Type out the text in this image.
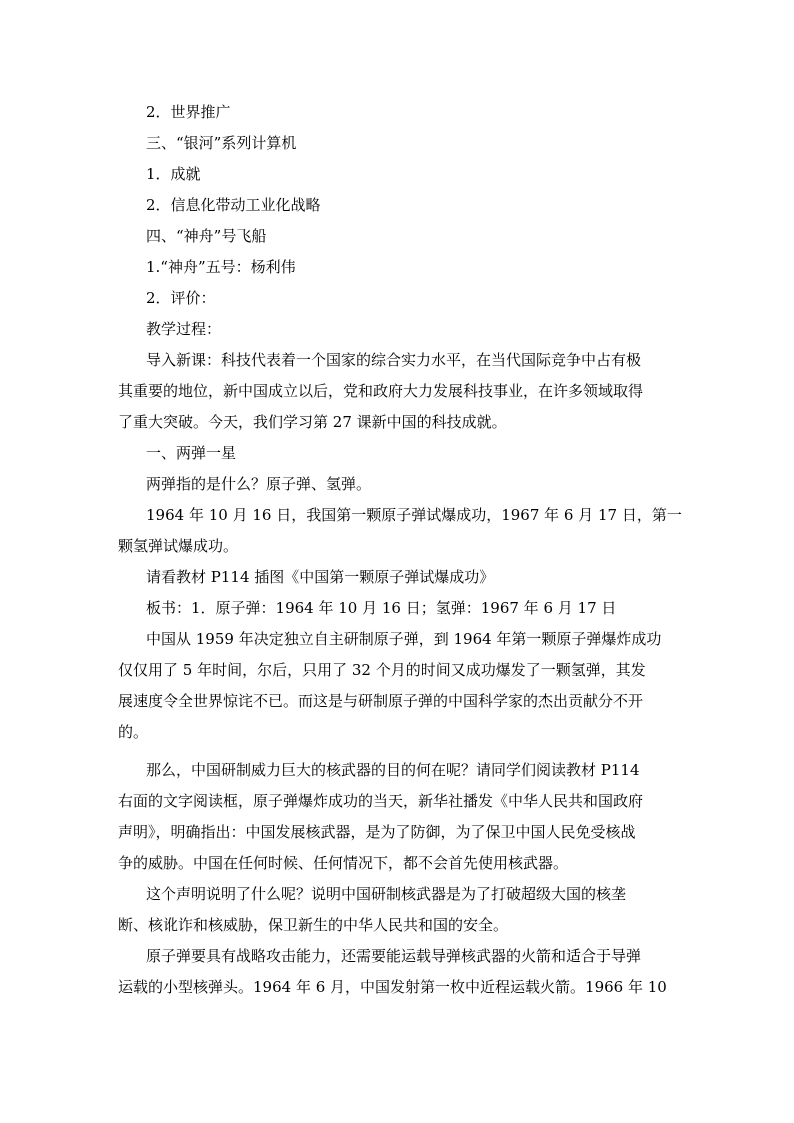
2．世界推广
三、“银河”系列计算机
1．成就
2．信息化带动工业化战略
四、“神舟”号飞船
1.“神舟”五号：杨利伟
2．评价：
教学过程：
导入新课：科技代表着一个国家的综合实力水平，在当代国际竞争中占有极
其重要的地位，新中国成立以后，党和政府大力发展科技事业，在许多领域取得
了重大突破。今天，我们学习第 27 课新中国的科技成就。
一、两弹一星
两弹指的是什么？原子弹、氢弹。
1964 年 10 月 16 日，我国第一颗原子弹试爆成功，1967 年 6 月 17 日，第一
颗氢弹试爆成功。
请看教材 P114 插图《中国第一颗原子弹试爆成功》
板书：1．原子弹：1964 年 10 月 16 日；氢弹：1967 年 6 月 17 日
中国从 1959 年决定独立自主研制原子弹，到 1964 年第一颗原子弹爆炸成功
仅仅用了 5 年时间，尔后，只用了 32 个月的时间又成功爆发了一颗氢弹，其发
展速度令全世界惊诧不已。而这是与研制原子弹的中国科学家的杰出贡献分不开
的。
那么，中国研制威力巨大的核武器的目的何在呢？请同学们阅读教材 P114
右面的文字阅读框，原子弹爆炸成功的当天，新华社播发《中华人民共和国政府
声明》，明确指出：中国发展核武器，是为了防御，为了保卫中国人民免受核战
争的威胁。中国在任何时候、任何情况下，都不会首先使用核武器。
这个声明说明了什么呢？说明中国研制核武器是为了打破超级大国的核垄
断、核讹诈和核威胁，保卫新生的中华人民共和国的安全。
原子弹要具有战略攻击能力，还需要能运载导弹核武器的火箭和适合于导弹
运载的小型核弹头。1964 年 6 月，中国发射第一枚中近程运载火箭。1966 年 10
